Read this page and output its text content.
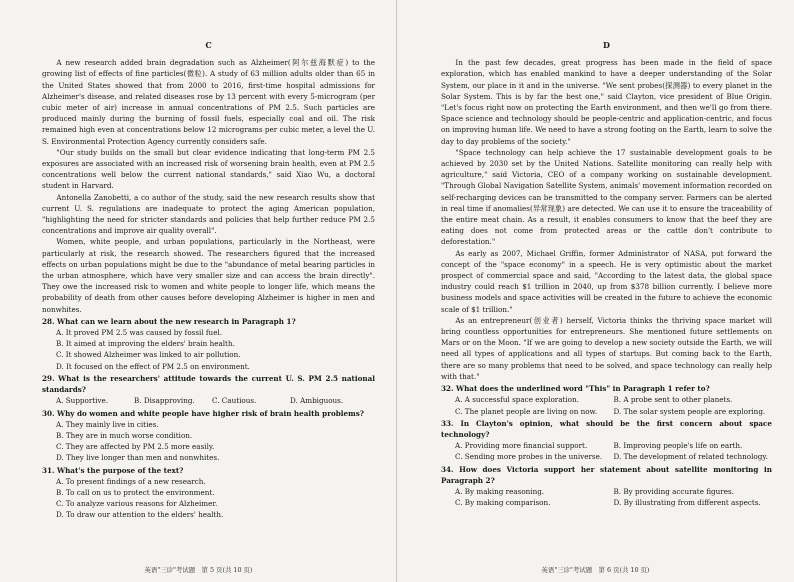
C

A new research added brain degradation such as Alzheimer(阿尔兹海默症) to the growing list of effects of fine particles(微粒). A study of 63 million adults older than 65 in the United States showed that from 2000 to 2016, first-time hospital admissions for Alzheimer's disease, and related diseases rose by 13 percent with every 5-microgram (per cubic meter of air) increase in annual concentrations of PM 2.5. Such particles are produced mainly during the burning of fossil fuels, especially coal and oil. The risk remained high even at concentrations below 12 micrograms per cubic meter, a level the U. S. Environmental Protection Agency currently considers safe.

"Our study builds on the small but clear evidence indicating that long-term PM 2.5 exposures are associated with an increased risk of worsening brain health, even at PM 2.5 concentrations well below the current national standards," said Xiao Wu, a doctoral student in Harvard.

Antonella Zanobetti, a co author of the study, said the new research results show that current U. S. regulations are inadequate to protect the aging American population, "highlighting the need for stricter standards and policies that help further reduce PM 2.5 concentrations and improve air quality overall".

Women, white people, and urban populations, particularly in the Northeast, were particularly at risk, the research showed. The researchers figured that the increased effects on urban populations might be due to the "abundance of metal bearing particles in the urban atmosphere, which have very smaller size and can access the brain directly". They owe the increased risk to women and white people to longer life, which means the probability of death from other causes before developing Alzheimer is higher in men and nonwhites.

28. What can we learn about the new research in Paragraph 1?

A. It proved PM 2.5 was caused by fossil fuel.

B. It aimed at improving the elders' brain health.

C. It showed Alzheimer was linked to air pollution.

D. It focused on the effect of PM 2.5 on environment.

29. What is the researchers' attitude towards the current U. S. PM 2.5 national standards?

A. Supportive.	B. Disapproving.	C. Cautious.	D. Ambiguous.

30. Why do women and white people have higher risk of brain health problems?

A. They mainly live in cities.

B. They are in much worse condition.

C. They are affected by PM 2.5 more easily.

D. They live longer than men and nonwhites.

31. What's the purpose of the text?

A. To present findings of a new research.

B. To call on us to protect the environment.

C. To analyze various reasons for Alzheimer.

D. To draw our attention to the elders' health.

英语"三诊"考试题　第 5 页(共 10 页)
D

In the past few decades, great progress has been made in the field of space exploration, which has enabled mankind to have a deeper understanding of the Solar System, our place in it and in the universe. "We sent probes(探测器) to every planet in the Solar System. This is by far the best one," said Clayton, vice president of Blue Origin. "Let's focus right now on protecting the Earth environment, and then we'll go from there. Space science and technology should be people-centric and application-centric, and focus on improving human life. We need to have a strong footing on the Earth, learn to solve the day to day problems of the society."

"Space technology can help achieve the 17 sustainable development goals to be achieved by 2030 set by the United Nations. Satellite monitoring can really help with agriculture," said Victoria, CEO of a company working on sustainable development. "Through Global Navigation Satellite System, animals' movement information recorded on self-recharging devices can be transmitted to the company server. Farmers can be alerted in real time if anomalies(异常现象) are detected. We can use it to ensure the traceability of the entire meat chain. As a result, it enables consumers to know that the beef they are eating does not come from protected areas or the cattle don't contribute to deforestation."

As early as 2007, Michael Griffin, former Administrator of NASA, put forward the concept of the "space economy" in a speech. He is very optimistic about the market prospect of commercial space and said, "According to the latest data, the global space industry could reach $1 trillion in 2040, up from $378 billion currently. I believe more business models and space activities will be created in the future to achieve the economic scale of $1 trillion."

As an entrepreneur(创业者) herself, Victoria thinks the thriving space market will bring countless opportunities for entrepreneurs. She mentioned future settlements on Mars or on the Moon. "If we are going to develop a new society outside the Earth, we will need all types of applications and all types of startups. But coming back to the Earth, there are so many problems that need to be solved, and space technology can really help with that."

32. What does the underlined word "This" in Paragraph 1 refer to?

A. A successful space exploration.	B. A probe sent to other planets.
C. The planet people are living on now.	D. The solar system people are exploring.

33. In Clayton's opinion, what should be the first concern about space technology?

A. Providing more financial support.	B. Improving people's life on earth.
C. Sending more probes in the universe.	D. The development of related technology.

34. How does Victoria support her statement about satellite monitoring in Paragraph 2?

A. By making reasoning.	B. By providing accurate figures.
C. By making comparison.	D. By illustrating from different aspects.
英语"三诊"考试题　第 6 页(共 10 页)
